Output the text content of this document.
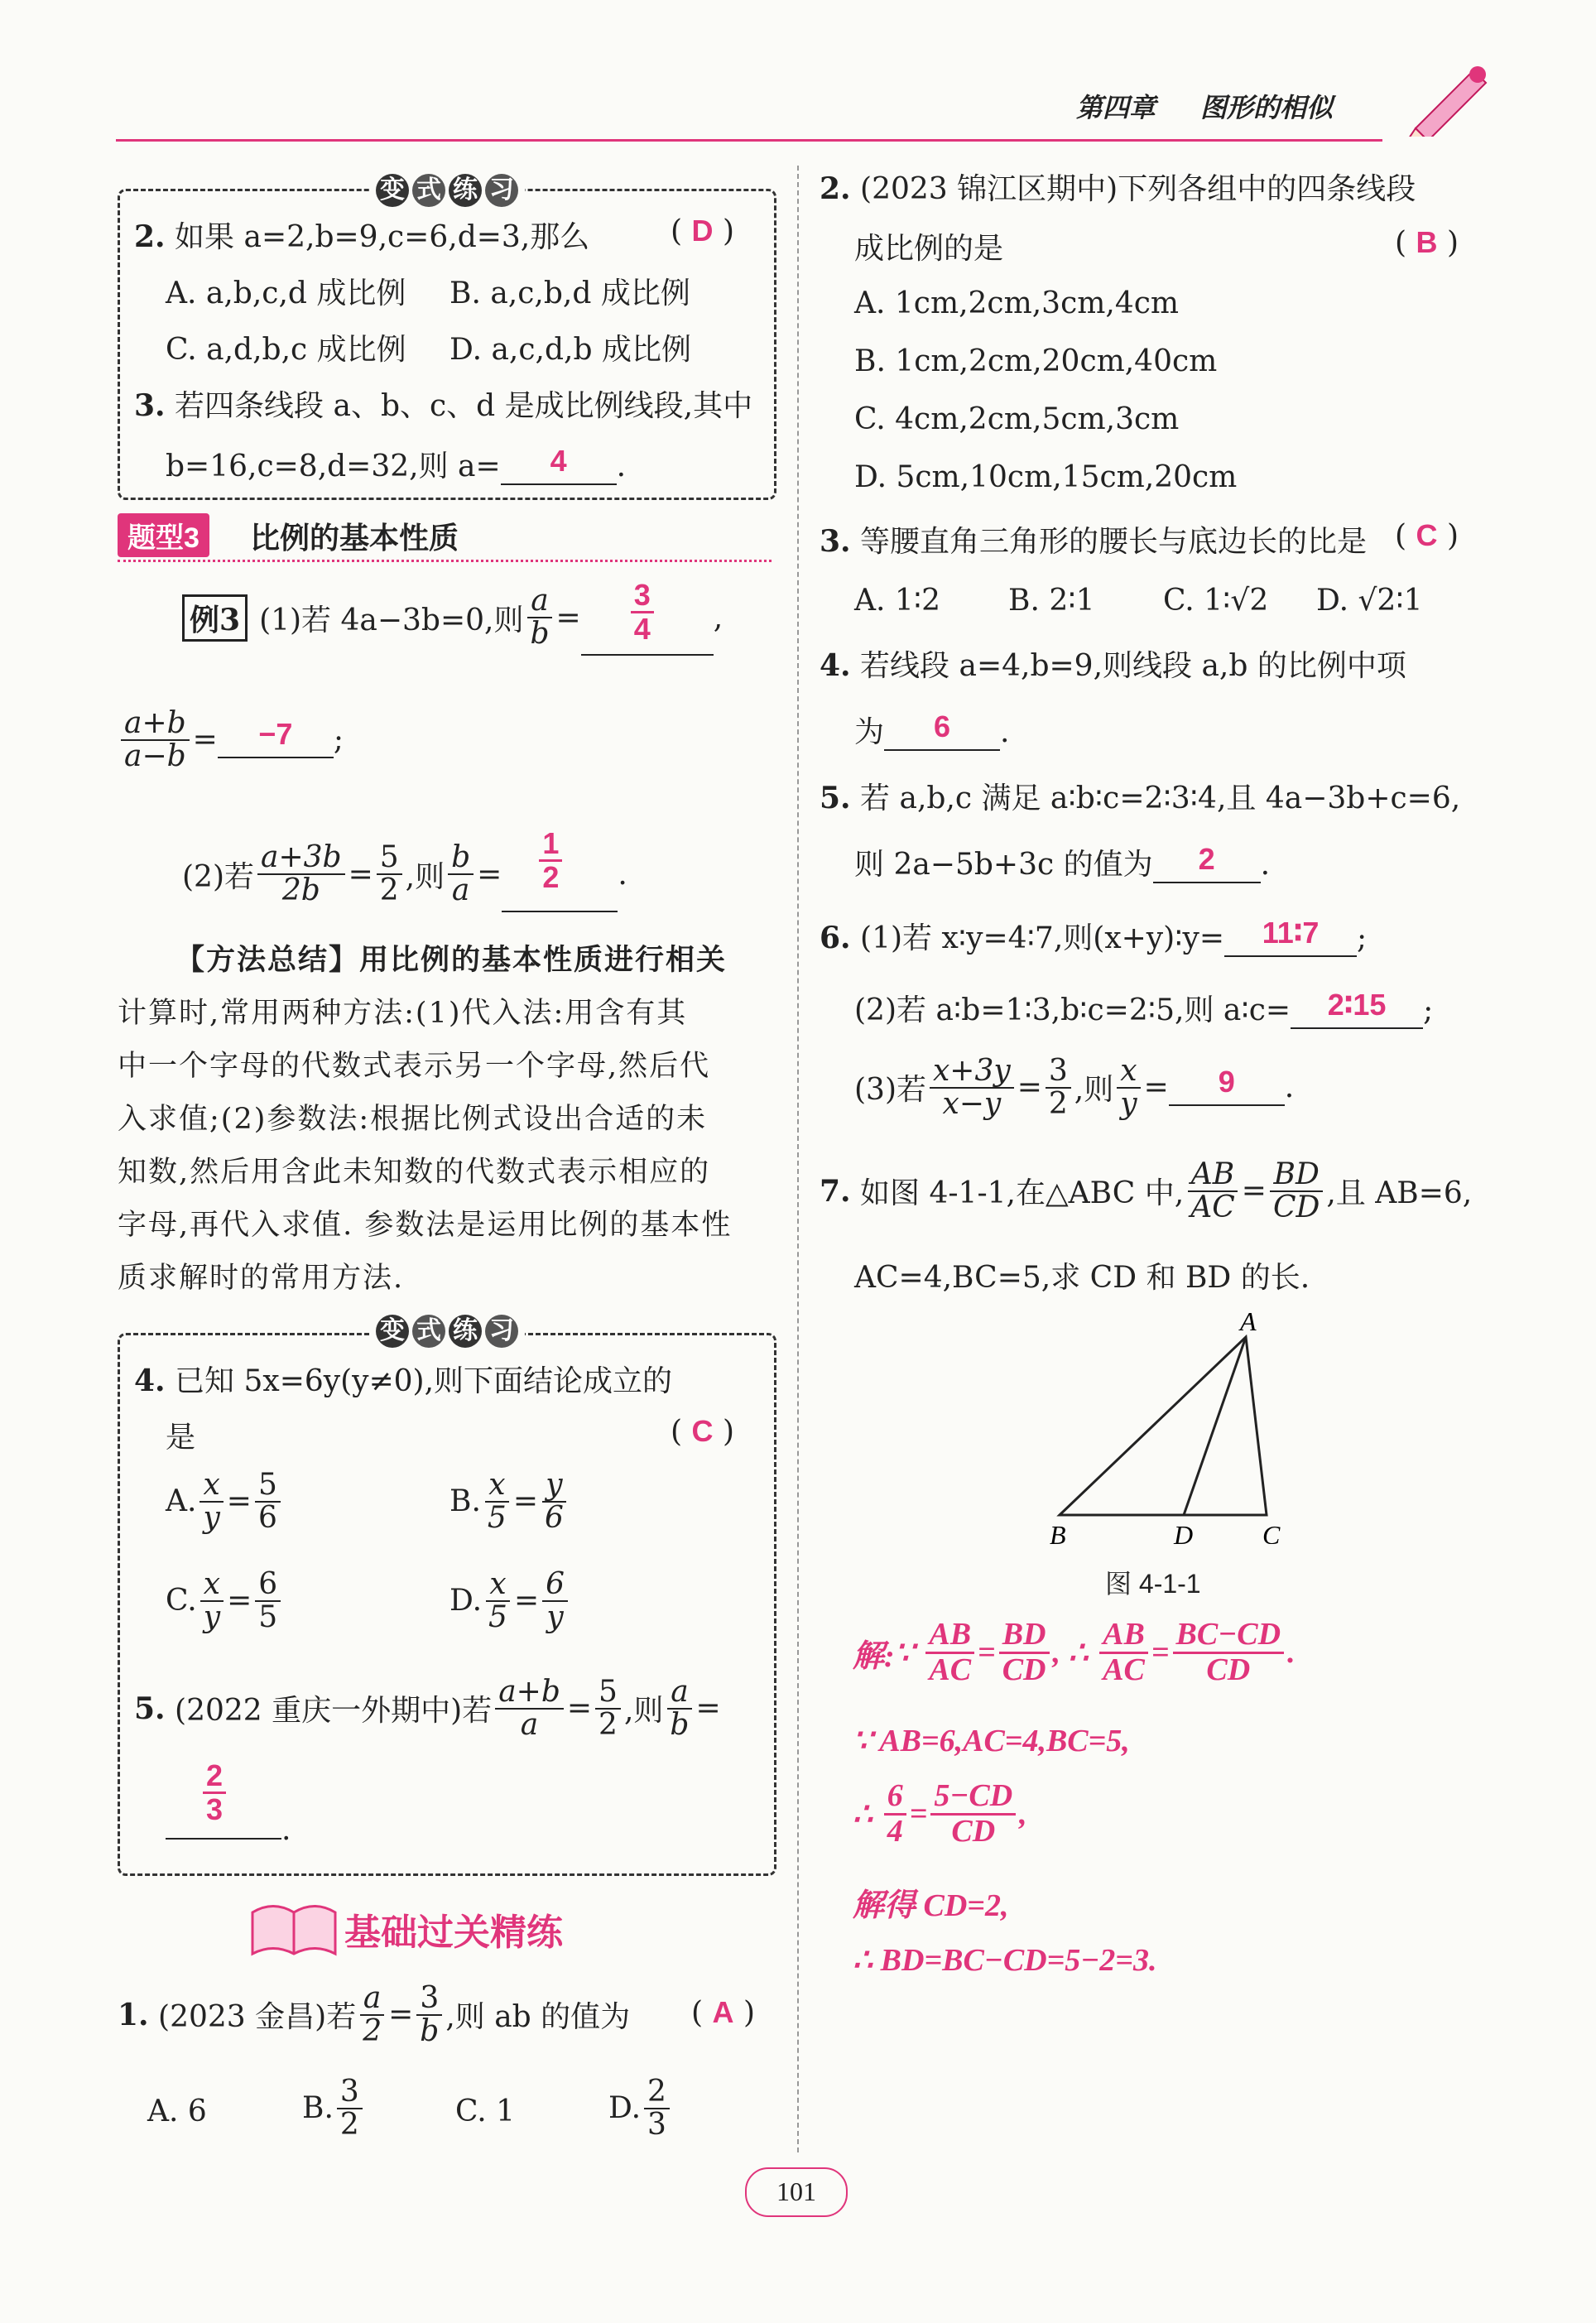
第四章 图形的相似
变 式 练 习
2. 如果 a=2,b=9,c=6,d=3,那么	( D )
A. a,b,c,d 成比例 B. a,c,b,d 成比例
C. a,d,b,c 成比例 D. a,c,d,b 成比例
3. 若四条线段 a、b、c、d 是成比例线段,其中
b=16,c=8,d=32,则 a= 4 .
题型3	比例的基本性质
例3 (1)若 4a−3b=0,则 $\frac{a}{b} = \frac{3}{4}$ ,
$\frac{a+b}{a-b}$ =	−7	;
(2)若 $\frac{a+3b}{2b} = \frac{5}{2}$ ,则 $\frac{b}{a} = \frac{1}{2}$ .
【方法总结】用比例的基本性质进行相关
计算时,常用两种方法:(1)代入法:用含有其
中一个字母的代数式表示另一个字母,然后代
入求值;(2)参数法:根据比例式设出合适的未
知数,然后用含此未知数的代数式表示相应的
字母,再代入求值. 参数法是运用比例的基本性
质求解时的常用方法.
变 式 练 习
4. 已知 5x=6y(y≠0),则下面结论成立的
是	( C )
A. $\frac{x}{y} = \frac{5}{6}$	B. $\frac{x}{5} = \frac{y}{6}$
C. $\frac{x}{y} = \frac{6}{5}$	D. $\frac{x}{5} = \frac{6}{y}$
5.
(2022 重庆一外期中)若 $\frac{a+b}{a} = \frac{5}{2}$ ,则 $\frac{a}{b}$ =
$\frac{2}{3}$
.
基础过关精练
1.
(2023 金昌)若 $\frac{a}{2} = \frac{3}{b}$ ,则 ab 的值为 ( A )
A. 6	B. $\frac{3}{2}$	C. 1	D. $\frac{2}{3}$
2. (2023 锦江区期中)下列各组中的四条线段
成比例的是	( B )
A. 1cm,2cm,3cm,4cm
B. 1cm,2cm,20cm,40cm
C. 4cm,2cm,5cm,3cm
D. 5cm,10cm,15cm,20cm
3. 等腰直角三角形的腰长与底边长的比是 ( C )
A. 1∶2 B. 2∶1 C. 1∶√2 D. √2∶1
4. 若线段 a=4,b=9,则线段 a,b 的比例中项
为 6 .
5. 若 a,b,c 满足 a∶b∶c=2∶3∶4,且 4a−3b+c=6,
则 2a−5b+3c 的值为 2 .
6. (1)若 x∶y=4∶7,则(x+y)∶y= 11∶7 ;
(2)若 a∶b=1∶3,b∶c=2∶5,则 a∶c= 2∶15 ;
(3)若 $\frac{x+3y}{x-y} = \frac{3}{2}$ ,则 $\frac{x}{y}$ =	9	.
7.
如图 4-1-1,在△ABC 中, $\frac{AB}{AC} = \frac{BD}{CD}$ ,且 AB=6,
AC=4,BC=5,求 CD 和 BD 的长.
A
B	D	C
图 4-1-1
解: ∵
$\frac{AB}{AC} = \frac{BD}{CD}$ , ∴
$\frac{AB}{AC} = \frac{BC-CD}{CD}$ .
∵ AB=6,AC=4,BC=5,
∴
$\frac{6}{4} = \frac{5-CD}{CD}$ ,
解得 CD=2,
∴ BD=BC−CD=5−2=3.
101
